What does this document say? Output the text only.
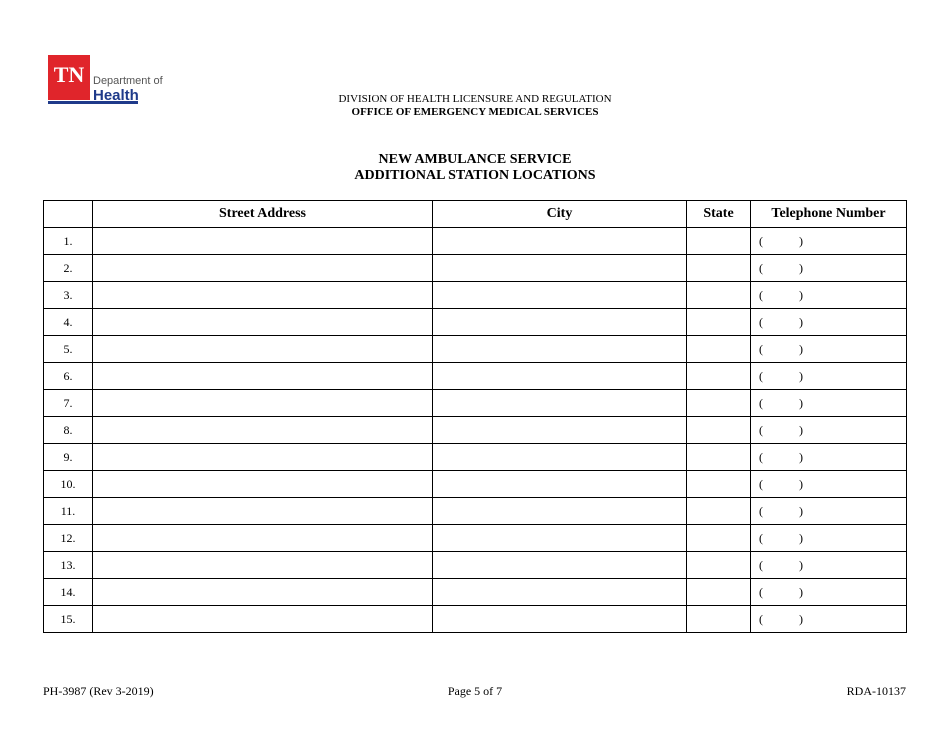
TN Department of
Health	DIVISION OF HEALTH LICENSURE AND REGULATION
OFFICE OF EMERGENCY MEDICAL SERVICES
NEW AMBULANCE SERVICE
ADDITIONAL STATION LOCATIONS
	Street Address	City	State	Telephone Number
1.				( )
2.				( )
3.				( )
4.				( )
5.				( )
6.				( )
7.				( )
8.				( )
9.				( )
10.				( )
11.				( )
12.				( )
13.				( )
14.				( )
15.				( )
PH-3987 (Rev 3-2019)	Page 5 of 7	RDA-10137
